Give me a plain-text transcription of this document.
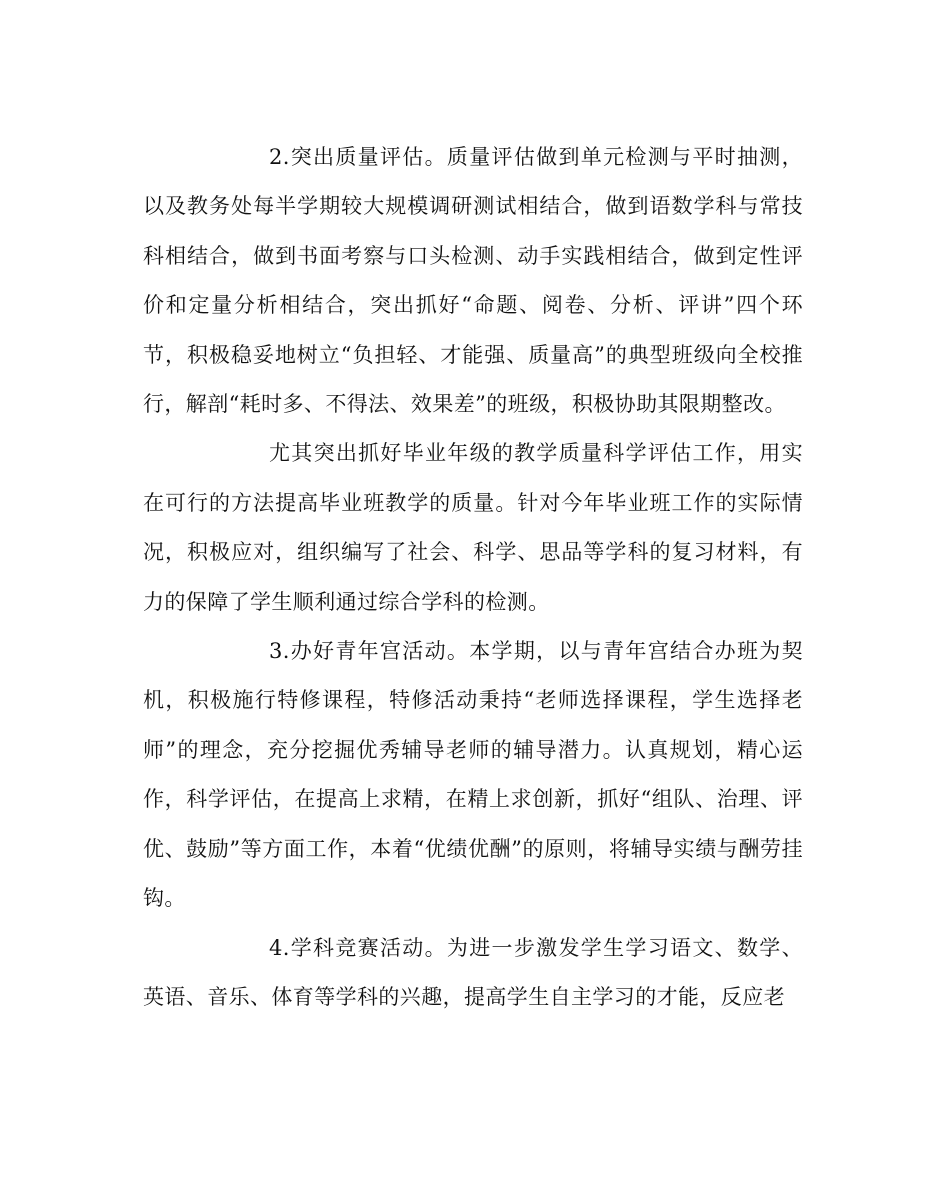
2.突出质量评估。质量评估做到单元检测与平时抽测，以及教务处每半学期较大规模调研测试相结合，做到语数学科与常技科相结合，做到书面考察与口头检测、动手实践相结合，做到定性评价和定量分析相结合，突出抓好“命题、阅卷、分析、评讲”四个环节，积极稳妥地树立“负担轻、才能强、质量高”的典型班级向全校推行，解剖“耗时多、不得法、效果差”的班级，积极协助其限期整改。

尤其突出抓好毕业年级的教学质量科学评估工作，用实在可行的方法提高毕业班教学的质量。针对今年毕业班工作的实际情况，积极应对，组织编写了社会、科学、思品等学科的复习材料，有力的保障了学生顺利通过综合学科的检测。

3.办好青年宫活动。本学期，以与青年宫结合办班为契机，积极施行特修课程，特修活动秉持“老师选择课程，学生选择老师”的理念，充分挖掘优秀辅导老师的辅导潜力。认真规划，精心运作，科学评估，在提高上求精，在精上求创新，抓好“组队、治理、评优、鼓励”等方面工作，本着“优绩优酬”的原则，将辅导实绩与酬劳挂钩。

4.学科竞赛活动。为进一步激发学生学习语文、数学、英语、音乐、体育等学科的兴趣，提高学生自主学习的才能，反应老
